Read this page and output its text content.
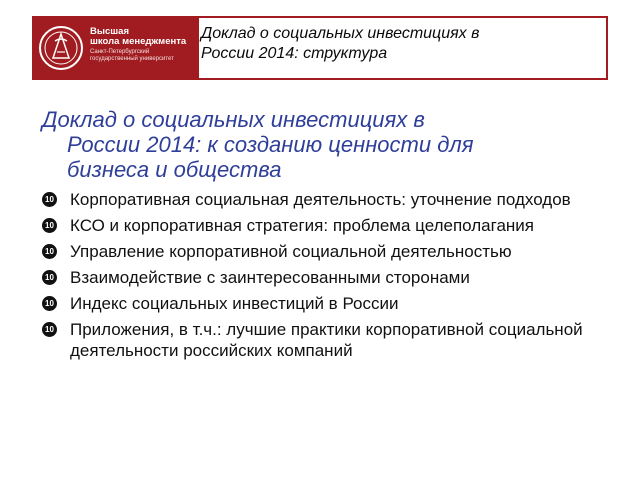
Высшая
школа менеджмента
Санкт-Петербургский
государственный университет
Доклад о социальных инвестициях в
России 2014: структура
Доклад о социальных инвестициях в
России 2014: к созданию ценности для
бизнеса и общества
10 Корпоративная социальная деятельность: уточнение подходов
10 КСО и корпоративная стратегия: проблема целеполагания
10 Управление корпоративной социальной деятельностью
10 Взаимодействие с заинтересованными сторонами
10 Индекс социальных инвестиций в России
10 Приложения, в т.ч.: лучшие практики корпоративной социальной деятельности российских компаний
